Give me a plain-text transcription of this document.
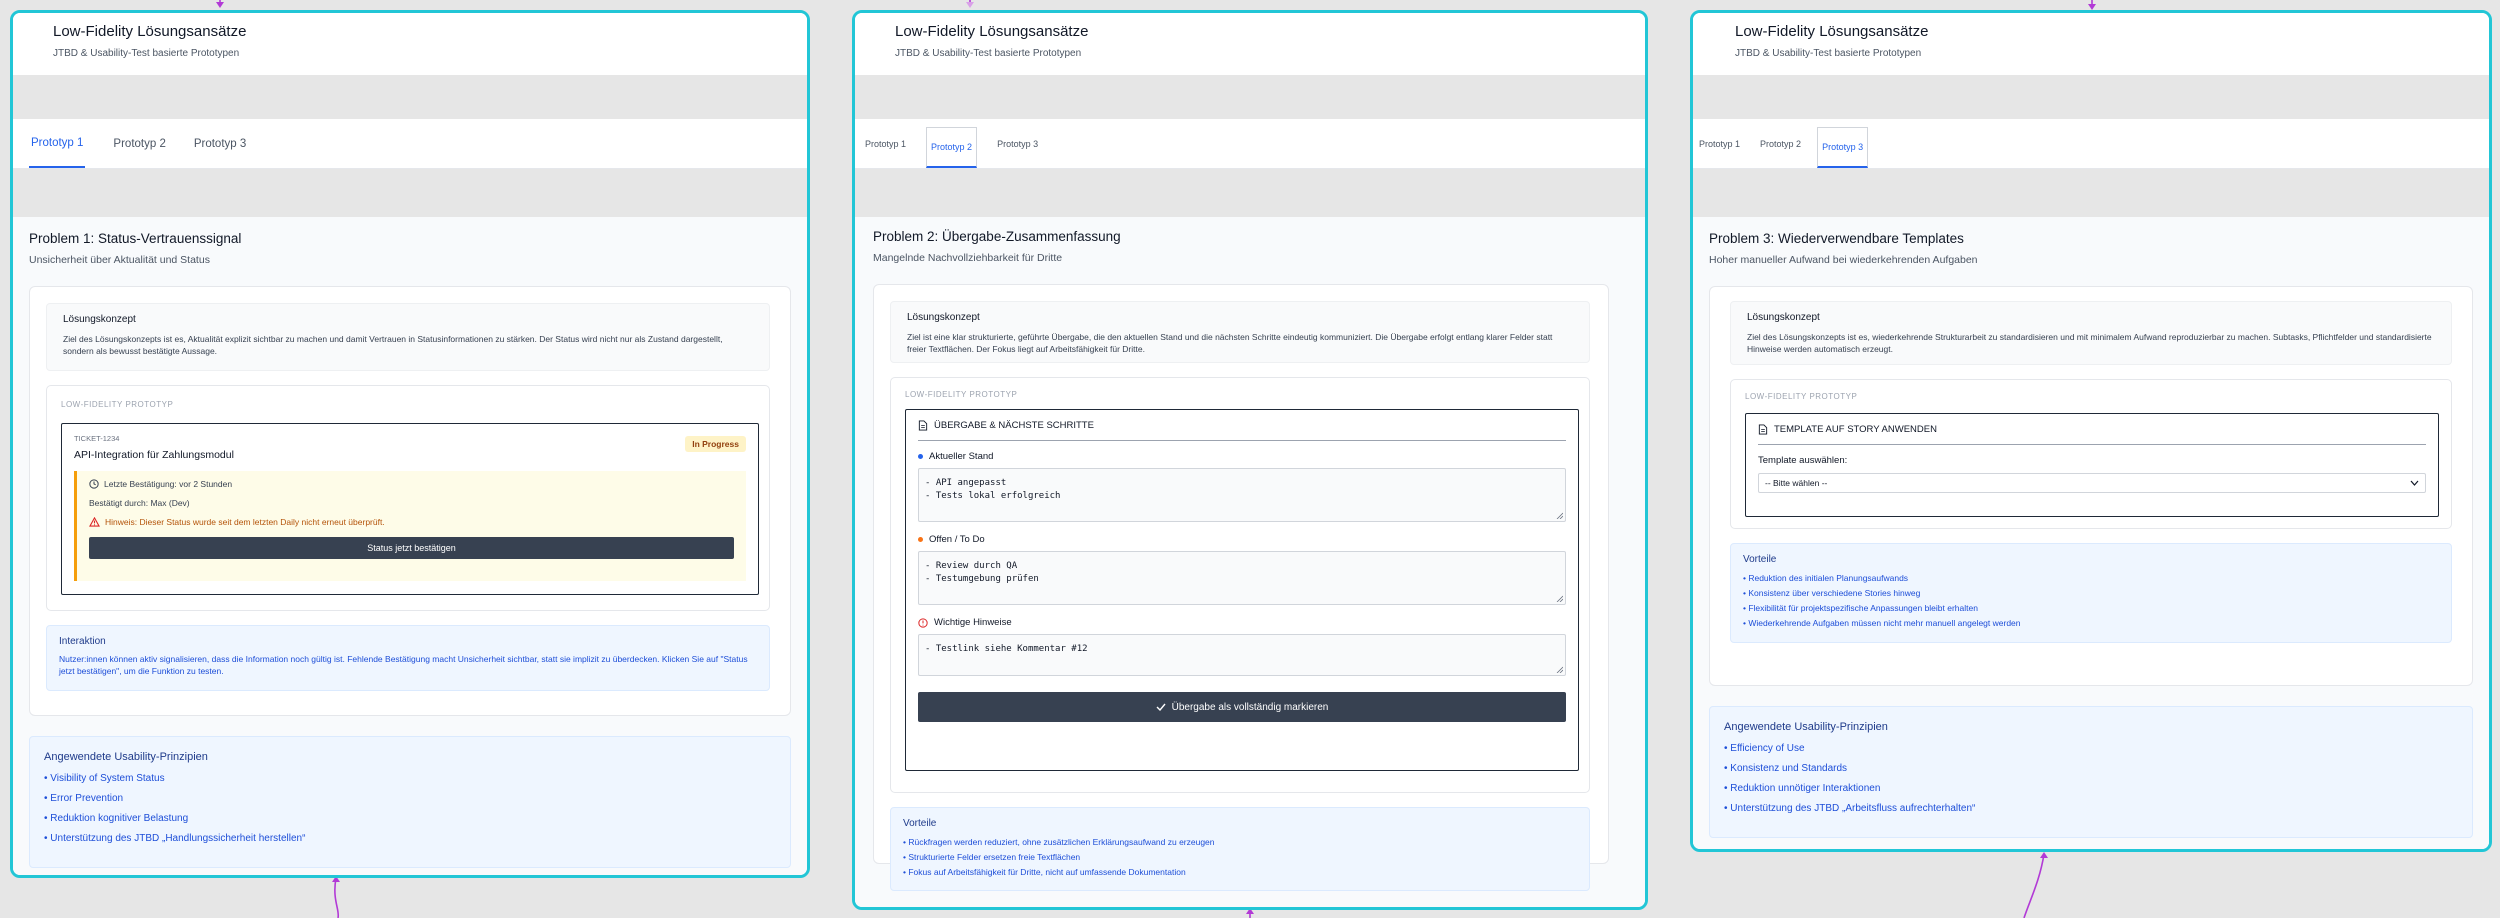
Low-Fidelity Lösungsansätze
JTBD & Usability-Test basierte Prototypen
Prototyp 1	Prototyp 2 Prototyp 3
Problem 1: Status-Vertrauenssignal
Unsicherheit über Aktualität und Status
Lösungskonzept
Ziel des Lösungskonzepts ist es, Aktualität explizit sichtbar zu machen und damit Vertrauen in Statusinformationen zu stärken. Der Status wird nicht nur als Zustand dargestellt, sondern als bewusst bestätigte Aussage.
LOW-FIDELITY PROTOTYP
TICKET-1234
API-Integration für Zahlungsmodul
In Progress
Letzte Bestätigung:
vor 2 Stunden
Bestätigt durch: Max (Dev)
Hinweis: Dieser Status wurde seit dem letzten Daily nicht erneut überprüft.
Status jetzt bestätigen
Interaktion
Nutzer:innen können aktiv signalisieren, dass die Information noch gültig ist. Fehlende Bestätigung macht Unsicherheit sichtbar, statt sie implizit zu überdecken. Klicken Sie auf "Status jetzt bestätigen", um die Funktion zu testen.
Angewendete Usability-Prinzipien
• Visibility of System Status
• Error Prevention
• Reduktion kognitiver Belastung
• Unterstützung des JTBD „Handlungssicherheit herstellen“
Low-Fidelity Lösungsansätze
JTBD & Usability-Test basierte Prototypen
Prototyp 1	Prototyp 2	Prototyp 3
Problem 2: Übergabe-Zusammenfassung
Mangelnde Nachvollziehbarkeit für Dritte
Lösungskonzept
Ziel ist eine klar strukturierte, geführte Übergabe, die den aktuellen Stand und die nächsten Schritte eindeutig kommuniziert. Die Übergabe erfolgt entlang klarer Felder statt freier Textflächen. Der Fokus liegt auf Arbeitsfähigkeit für Dritte.
LOW-FIDELITY PROTOTYP
ÜBERGABE & NÄCHSTE SCHRITTE
Aktueller Stand
- API angepasst
- Tests lokal erfolgreich

Offen / To Do
- Review durch QA
- Testumgebung prüfen

Wichtige Hinweise
- Testlink siehe Kommentar #12

Übergabe als vollständig markieren
Vorteile
• Rückfragen werden reduziert, ohne zusätzlichen Erklärungsaufwand zu erzeugen
• Strukturierte Felder ersetzen freie Textflächen
• Fokus auf Arbeitsfähigkeit für Dritte, nicht auf umfassende Dokumentation
Low-Fidelity Lösungsansätze
JTBD & Usability-Test basierte Prototypen
Prototyp 1 Prototyp 2 Prototyp 3
Problem 3: Wiederverwendbare Templates
Hoher manueller Aufwand bei wiederkehrenden Aufgaben
Lösungskonzept
Ziel des Lösungskonzepts ist es, wiederkehrende Strukturarbeit zu standardisieren und mit minimalem Aufwand reproduzierbar zu machen. Subtasks, Pflichtfelder und standardisierte Hinweise werden automatisch erzeugt.
LOW-FIDELITY PROTOTYP
TEMPLATE AUF STORY ANWENDEN
Template auswählen:
-- Bitte wählen --
Vorteile
• Reduktion des initialen Planungsaufwands
• Konsistenz über verschiedene Stories hinweg
• Flexibilität für projektspezifische Anpassungen bleibt erhalten
• Wiederkehrende Aufgaben müssen nicht mehr manuell angelegt werden
Angewendete Usability-Prinzipien
• Efficiency of Use
• Konsistenz und Standards
• Reduktion unnötiger Interaktionen
• Unterstützung des JTBD „Arbeitsfluss aufrechterhalten“
